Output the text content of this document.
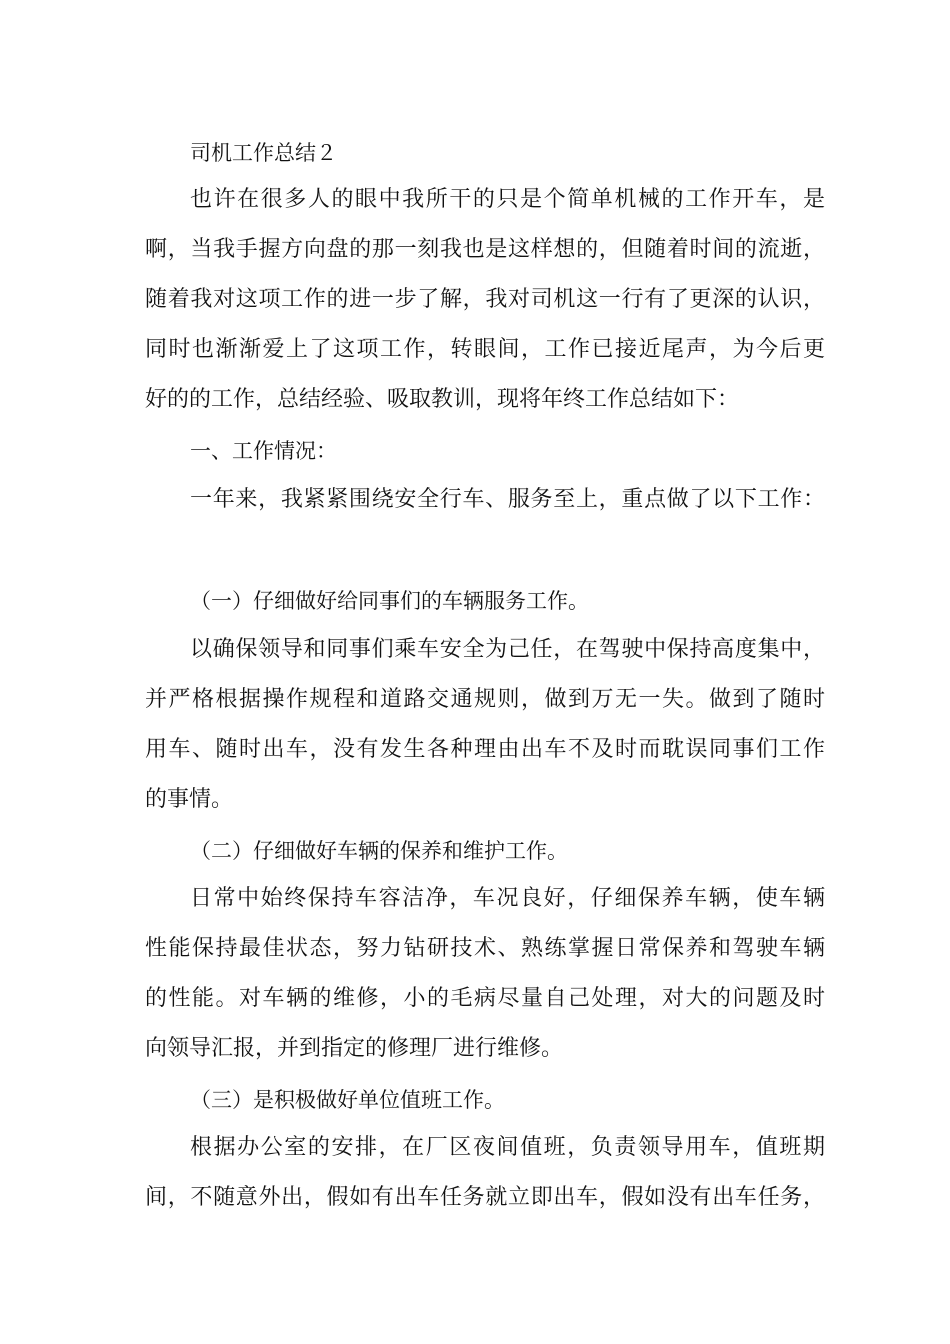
司机工作总结２
也许在很多人的眼中我所干的只是个简单机械的工作开车，是
啊，当我手握方向盘的那一刻我也是这样想的，但随着时间的流逝，
随着我对这项工作的进一步了解，我对司机这一行有了更深的认识，
同时也渐渐爱上了这项工作，转眼间，工作已接近尾声，为今后更
好的的工作，总结经验、吸取教训，现将年终工作总结如下：
一、工作情况：
一年来，我紧紧围绕安全行车、服务至上，重点做了以下工作：
（一）仔细做好给同事们的车辆服务工作。
以确保领导和同事们乘车安全为己任，在驾驶中保持高度集中，
并严格根据操作规程和道路交通规则，做到万无一失。做到了随时
用车、随时出车，没有发生各种理由出车不及时而耽误同事们工作
的事情。
（二）仔细做好车辆的保养和维护工作。
日常中始终保持车容洁净，车况良好，仔细保养车辆，使车辆
性能保持最佳状态，努力钻研技术、熟练掌握日常保养和驾驶车辆
的性能。对车辆的维修，小的毛病尽量自己处理，对大的问题及时
向领导汇报，并到指定的修理厂进行维修。
（三）是积极做好单位值班工作。
根据办公室的安排，在厂区夜间值班，负责领导用车，值班期
间，不随意外出，假如有出车任务就立即出车，假如没有出车任务，
